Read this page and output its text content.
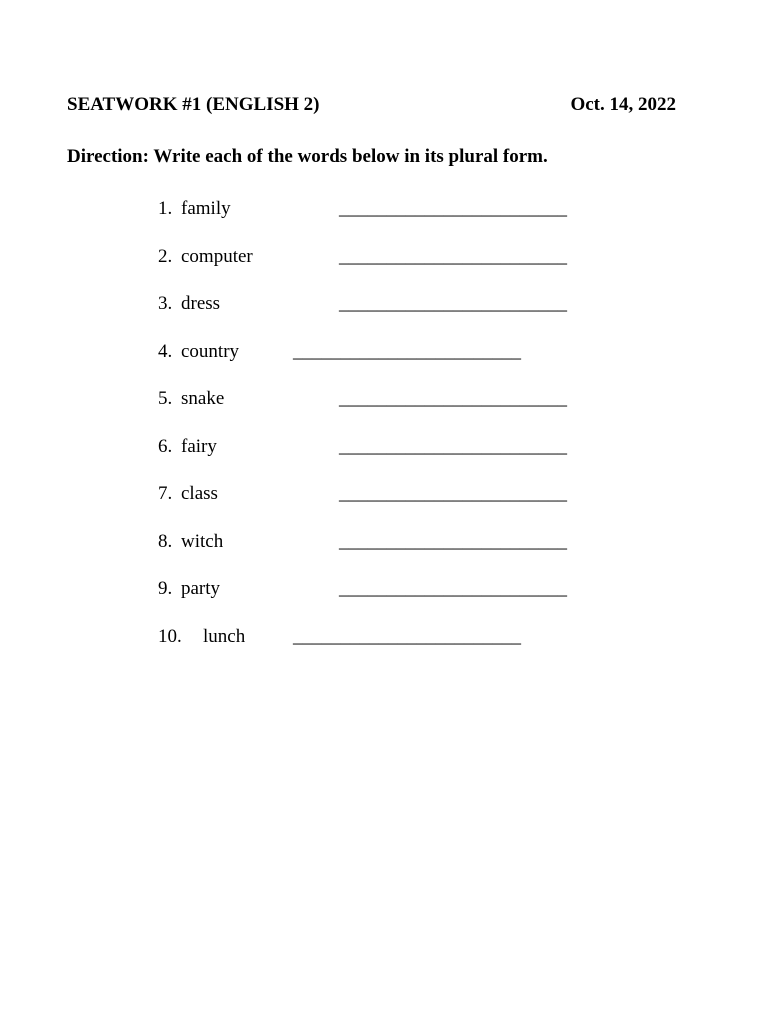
SEATWORK #1 (ENGLISH 2)	Oct. 14, 2022
Direction: Write each of the words below in its plural form.
1. family	________________________
2. computer	________________________
3. dress	________________________
4. country	________________________
5. snake	________________________
6. fairy	________________________
7. class	________________________
8. witch	________________________
9. party	________________________
10. lunch	________________________
